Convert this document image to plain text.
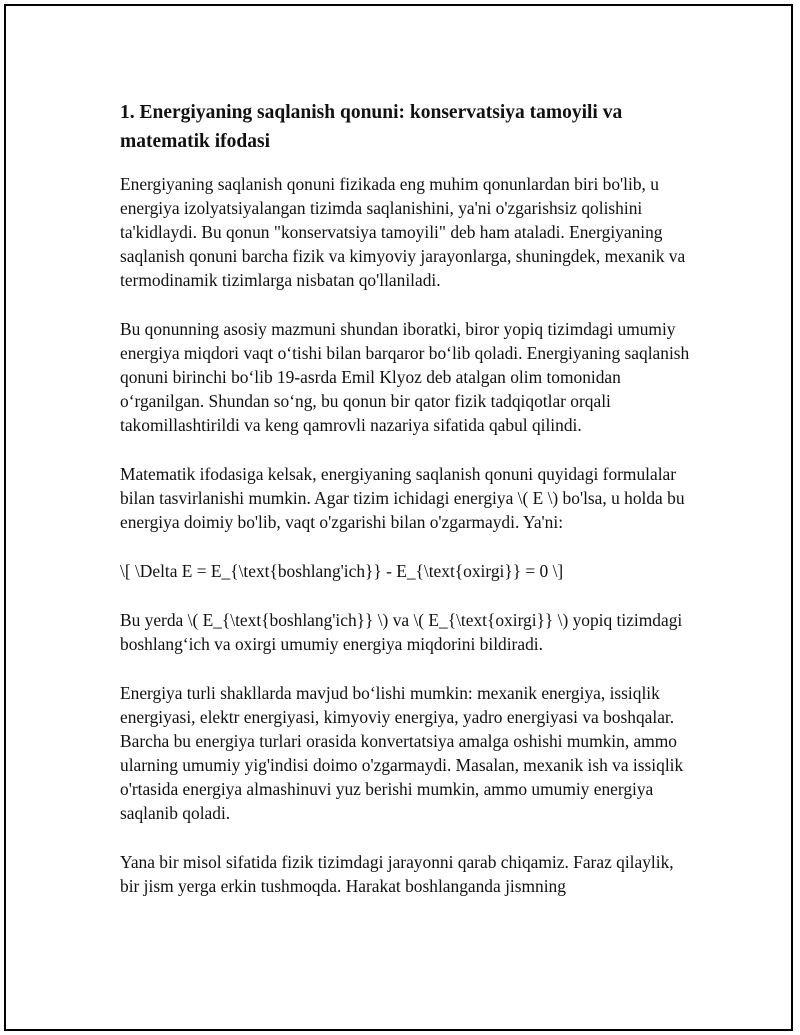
1. Energiyaning saqlanish qonuni: konservatsiya tamoyili va matematik ifodasi

Energiyaning saqlanish qonuni fizikada eng muhim qonunlardan biri bo'lib, u energiya izolyatsiyalangan tizimda saqlanishini, ya'ni o'zgarishsiz qolishini ta'kidlaydi. Bu qonun "konservatsiya tamoyili" deb ham ataladi. Energiyaning saqlanish qonuni barcha fizik va kimyoviy jarayonlarga, shuningdek, mexanik va termodinamik tizimlarga nisbatan qo'llaniladi.

Bu qonunning asosiy mazmuni shundan iboratki, biror yopiq tizimdagi umumiy energiya miqdori vaqt oʻtishi bilan barqaror boʻlib qoladi. Energiyaning saqlanish qonuni birinchi boʻlib 19-asrda Emil Klyoz deb atalgan olim tomonidan oʻrganilgan. Shundan soʻng, bu qonun bir qator fizik tadqiqotlar orqali takomillashtirildi va keng qamrovli nazariya sifatida qabul qilindi.

Matematik ifodasiga kelsak, energiyaning saqlanish qonuni quyidagi formulalar bilan tasvirlanishi mumkin. Agar tizim ichidagi energiya \( E \) bo'lsa, u holda bu energiya doimiy bo'lib, vaqt o'zgarishi bilan o'zgarmaydi. Ya'ni:

\[ \Delta E = E_{\text{boshlang'ich}} - E_{\text{oxirgi}} = 0 \]

Bu yerda \( E_{\text{boshlang'ich}} \) va \( E_{\text{oxirgi}} \) yopiq tizimdagi boshlangʻich va oxirgi umumiy energiya miqdorini bildiradi.

Energiya turli shakllarda mavjud boʻlishi mumkin: mexanik energiya, issiqlik energiyasi, elektr energiyasi, kimyoviy energiya, yadro energiyasi va boshqalar. Barcha bu energiya turlari orasida konvertatsiya amalga oshishi mumkin, ammo ularning umumiy yig'indisi doimo o'zgarmaydi. Masalan, mexanik ish va issiqlik o'rtasida energiya almashinuvi yuz berishi mumkin, ammo umumiy energiya saqlanib qoladi.

Yana bir misol sifatida fizik tizimdagi jarayonni qarab chiqamiz. Faraz qilaylik, bir jism yerga erkin tushmoqda. Harakat boshlanganda jismning
